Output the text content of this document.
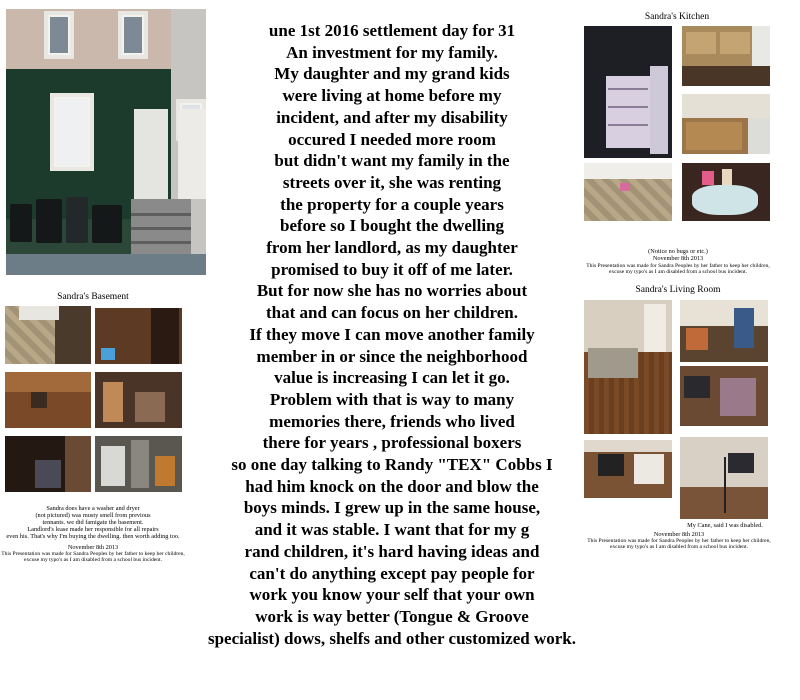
une 1st 2016 settlement day for 31
An investment for my family.
My daughter and my grand kids
were living at home before my
incident, and after my disability
occured I needed more room
but didn't want my family in the
streets over it, she was renting
the property for a couple years
before so I bought the dwelling
from her landlord, as my daughter
promised to buy it off of me later.
But for now she has no worries about
that and can focus on her children.
If they move I can move another family
member in or since the neighborhood
value is increasing I can let it go.
Problem with that is way to many
memories there, friends who lived
there for years , professional boxers
so one day talking to Randy "TEX" Cobbs I
had him knock on the door and blow the
boys minds. I grew up in the same house,
and it was stable. I want that for my g
rand children, it's hard having ideas and
can't do anything except pay people for
work you know your self that your own
work is way better (Tongue & Groove
specialist) dows, shelfs and other customized work.
Sandra's Kitchen
(Notice no bugs or etc.)
November 8th 2013
This Presentation was made for Sandra Peoples by her father to keep her children,
excuse my typo's as I am disabled from a school bus incident.
Sandra's Basement
Sandra does have a washer and dryer
(not pictured) was musty smell from previous
tennants. we did famigate the basement.
Landlord's lease made her responsible for all repairs
even his. That's why I'm buying the dwelling. then worth adding too.
November 8th 2013
This Presentation was made for Sandra Peoples by her father to keep her children,
excuse my typo's as I am disabled from a school bus incident.
Sandra's Living Room
My Cane, said I was disabled.
November 8th 2013
This Presentation was made for Sandra Peoples by her father to keep her children,
excuse my typo's as I am disabled from a school bus incident.
